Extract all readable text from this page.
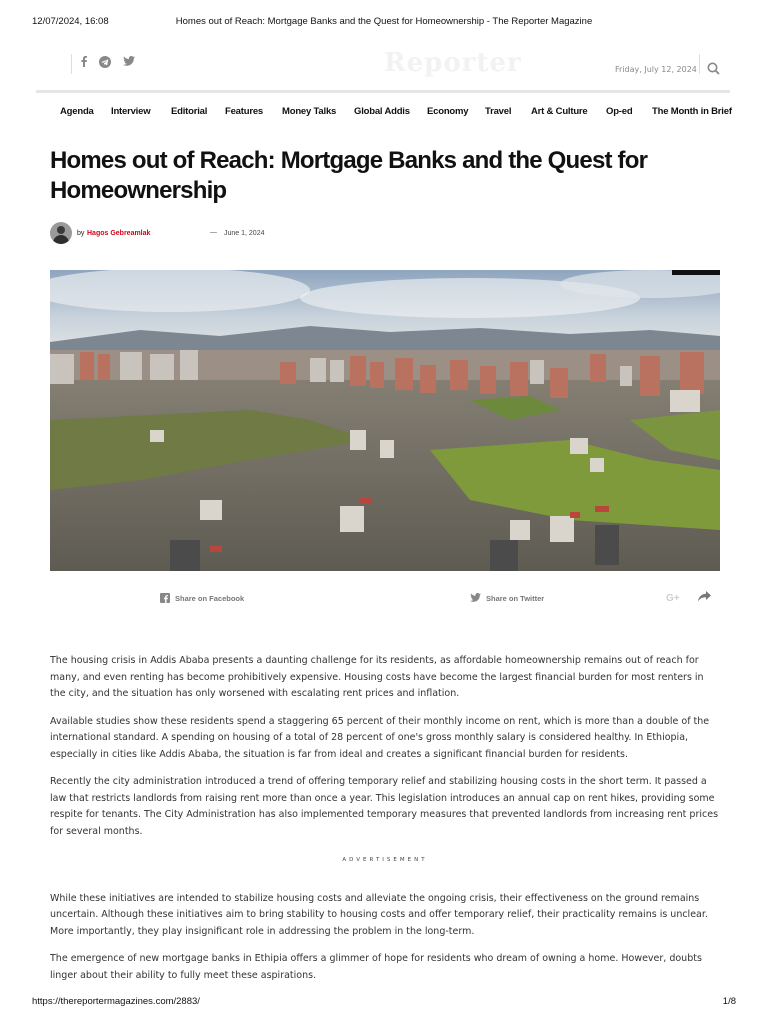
12/07/2024, 16:08	Homes out of Reach: Mortgage Banks and the Quest for Homeownership - The Reporter Magazine
Reporter	Friday, July 12, 2024
Agenda Interview Editorial Features Money Talks Global Addis Economy Travel Art & Culture Op-ed The Month in Brief
Homes out of Reach: Mortgage Banks and the Quest for Homeownership
by Hagos Gebreamlak	— June 1, 2024
Share on Facebook	Share on Twitter	G+

The housing crisis in Addis Ababa presents a daunting challenge for its residents, as affordable homeownership remains out of reach for many, and even renting has become prohibitively expensive. Housing costs have become the largest financial burden for most renters in the city, and the situation has only worsened with escalating rent prices and inflation.

Available studies show these residents spend a staggering 65 percent of their monthly income on rent, which is more than a double of the international standard. A spending on housing of a total of 28 percent of one's gross monthly salary is considered healthy. In Ethiopia, especially in cities like Addis Ababa, the situation is far from ideal and creates a significant financial burden for residents.

Recently the city administration introduced a trend of offering temporary relief and stabilizing housing costs in the short term. It passed a law that restricts landlords from raising rent more than once a year. This legislation introduces an annual cap on rent hikes, providing some respite for tenants. The City Administration has also implemented temporary measures that prevented landlords from increasing rent prices for several months.

ADVERTISEMENT

While these initiatives are intended to stabilize housing costs and alleviate the ongoing crisis, their effectiveness on the ground remains uncertain. Although these initiatives aim to bring stability to housing costs and offer temporary relief, their practicality remains is unclear. More importantly, they play insignificant role in addressing the problem in the long-term.

The emergence of new mortgage banks in Ethipia offers a glimmer of hope for residents who dream of owning a home. However, doubts linger about their ability to fully meet these aspirations.

https://thereportermagazines.com/2883/	1/8
